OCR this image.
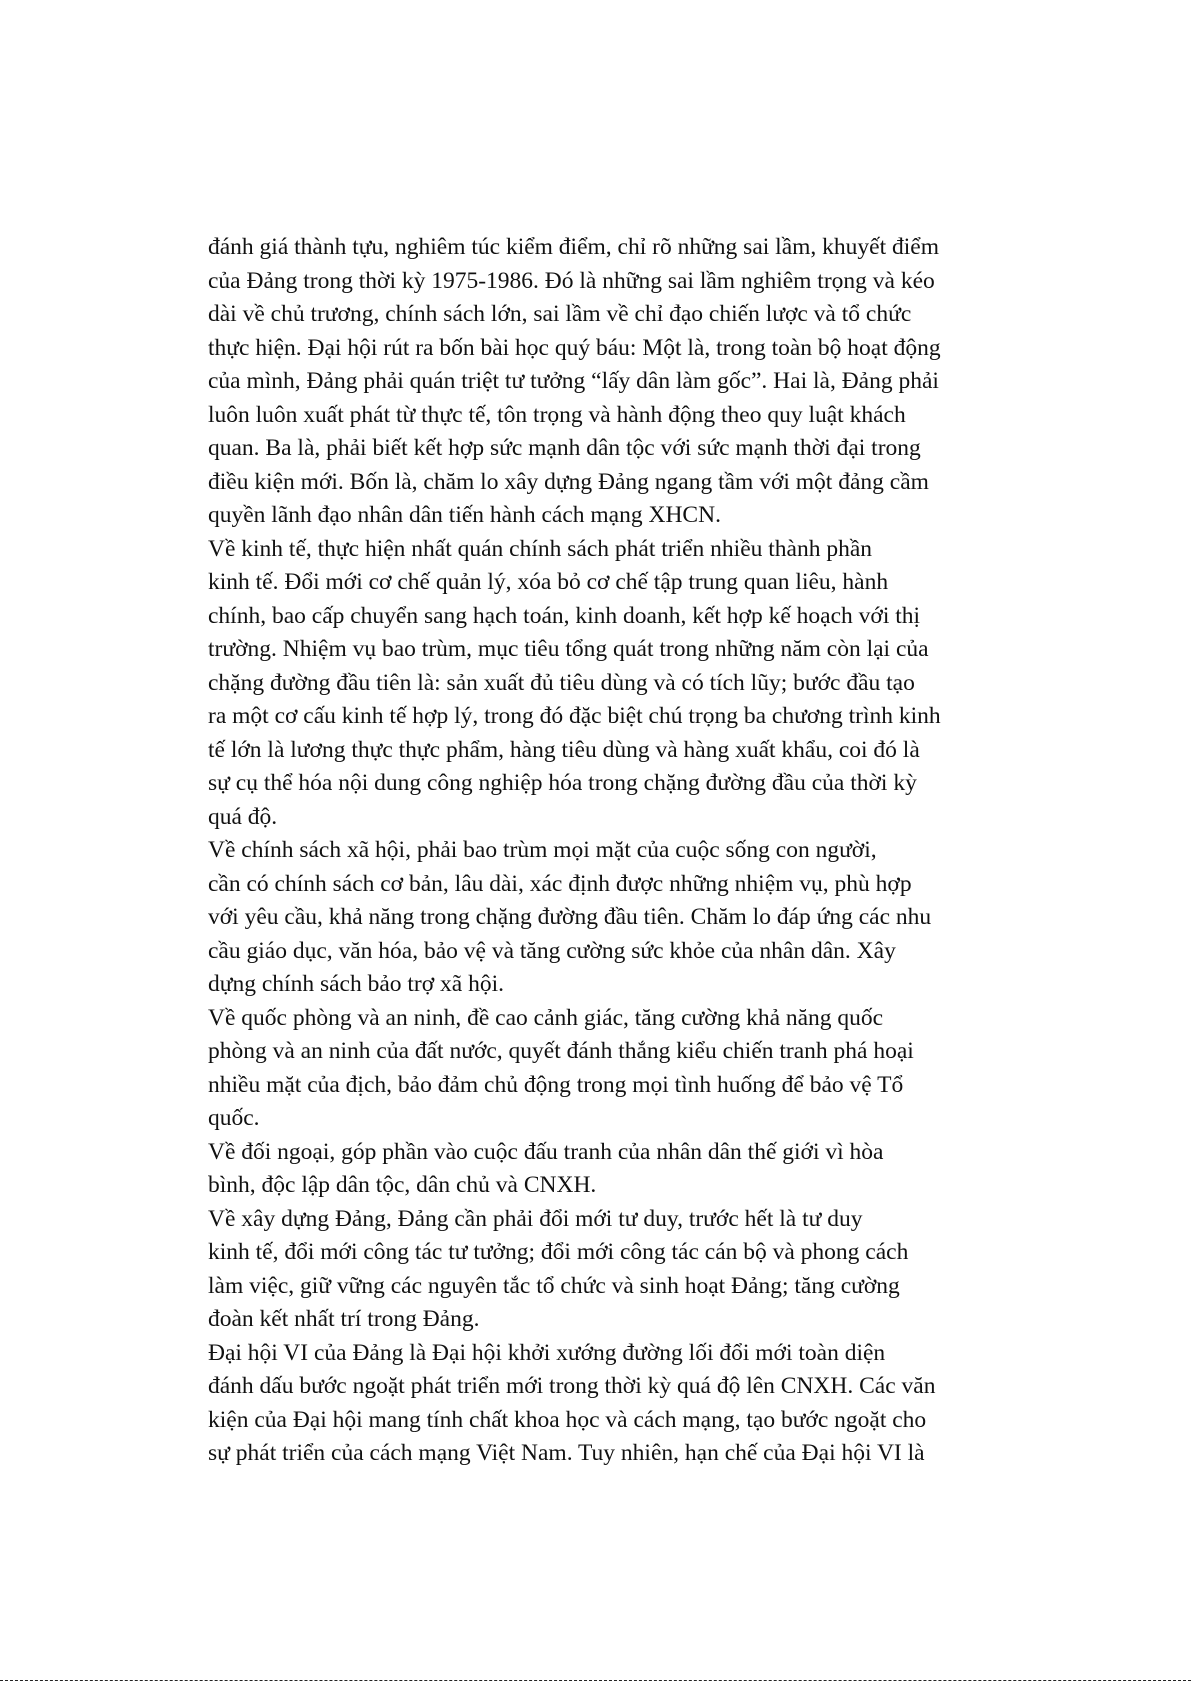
đánh giá thành tựu, nghiêm túc kiểm điểm, chỉ rõ những sai lầm, khuyết điểm
của Đảng trong thời kỳ 1975-1986. Đó là những sai lầm nghiêm trọng và kéo
dài về chủ trương, chính sách lớn, sai lầm về chỉ đạo chiến lược và tổ chức
thực hiện. Đại hội rút ra bốn bài học quý báu: Một là, trong toàn bộ hoạt động
của mình, Đảng phải quán triệt tư tưởng “lấy dân làm gốc”. Hai là, Đảng phải
luôn luôn xuất phát từ thực tế, tôn trọng và hành động theo quy luật khách
quan. Ba là, phải biết kết hợp sức mạnh dân tộc với sức mạnh thời đại trong
điều kiện mới. Bốn là, chăm lo xây dựng Đảng ngang tầm với một đảng cầm
quyền lãnh đạo nhân dân tiến hành cách mạng XHCN.
Về kinh tế, thực hiện nhất quán chính sách phát triển nhiều thành phần
kinh tế. Đổi mới cơ chế quản lý, xóa bỏ cơ chế tập trung quan liêu, hành
chính, bao cấp chuyển sang hạch toán, kinh doanh, kết hợp kế hoạch với thị
trường. Nhiệm vụ bao trùm, mục tiêu tổng quát trong những năm còn lại của
chặng đường đầu tiên là: sản xuất đủ tiêu dùng và có tích lũy; bước đầu tạo
ra một cơ cấu kinh tế hợp lý, trong đó đặc biệt chú trọng ba chương trình kinh
tế lớn là lương thực thực phẩm, hàng tiêu dùng và hàng xuất khẩu, coi đó là
sự cụ thể hóa nội dung công nghiệp hóa trong chặng đường đầu của thời kỳ
quá độ.
Về chính sách xã hội, phải bao trùm mọi mặt của cuộc sống con người,
cần có chính sách cơ bản, lâu dài, xác định được những nhiệm vụ, phù hợp
với yêu cầu, khả năng trong chặng đường đầu tiên. Chăm lo đáp ứng các nhu
cầu giáo dục, văn hóa, bảo vệ và tăng cường sức khỏe của nhân dân. Xây
dựng chính sách bảo trợ xã hội.
Về quốc phòng và an ninh, đề cao cảnh giác, tăng cường khả năng quốc
phòng và an ninh của đất nước, quyết đánh thắng kiểu chiến tranh phá hoại
nhiều mặt của địch, bảo đảm chủ động trong mọi tình huống để bảo vệ Tổ
quốc.
Về đối ngoại, góp phần vào cuộc đấu tranh của nhân dân thế giới vì hòa
bình, độc lập dân tộc, dân chủ và CNXH.
Về xây dựng Đảng, Đảng cần phải đổi mới tư duy, trước hết là tư duy
kinh tế, đổi mới công tác tư tưởng; đổi mới công tác cán bộ và phong cách
làm việc, giữ vững các nguyên tắc tổ chức và sinh hoạt Đảng; tăng cường
đoàn kết nhất trí trong Đảng.
Đại hội VI của Đảng là Đại hội khởi xướng đường lối đổi mới toàn diện
đánh dấu bước ngoặt phát triển mới trong thời kỳ quá độ lên CNXH. Các văn
kiện của Đại hội mang tính chất khoa học và cách mạng, tạo bước ngoặt cho
sự phát triển của cách mạng Việt Nam. Tuy nhiên, hạn chế của Đại hội VI là
